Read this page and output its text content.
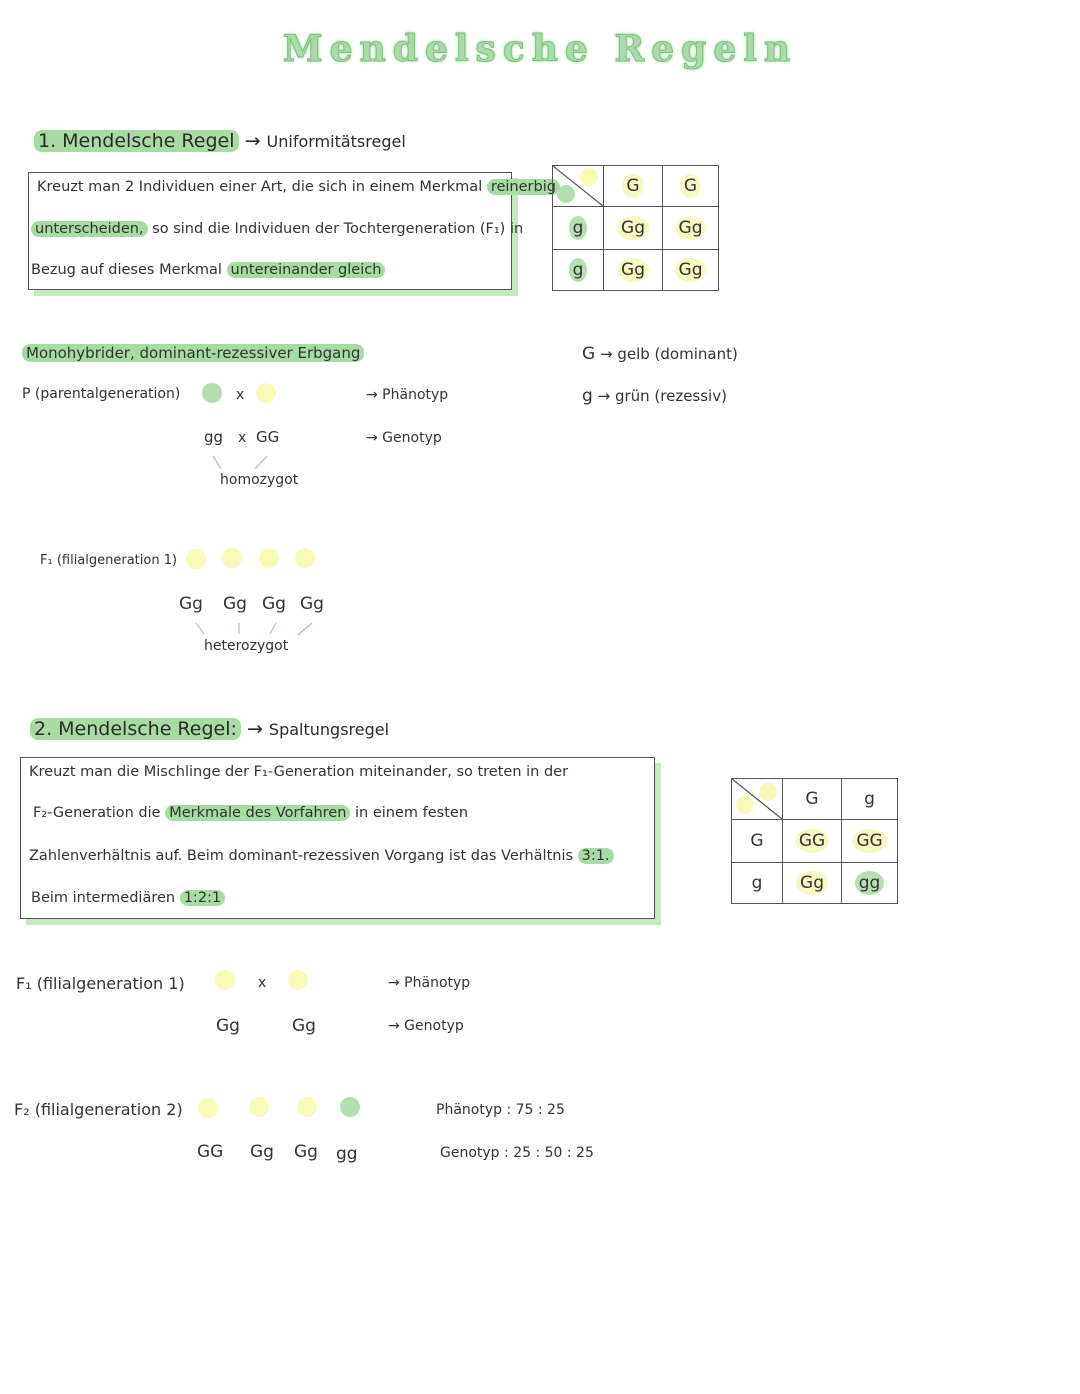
Mendelsche Regeln
1. Mendelsche Regel → Uniformitätsregel
Kreuzt man 2 Individuen einer Art, die sich in einem Merkmal reinerbig
unterscheiden, so sind die Individuen der Tochtergeneration (F₁) in
Bezug auf dieses Merkmal untereinander gleich
	G	G
g	Gg	Gg
g	Gg	Gg
Monohybrider, dominant-rezessiver Erbgang	G → gelb (dominant)
g → grün (rezessiv)
P (parentalgeneration)	x	→ Phänotyp
gg x GG	→ Genotyp
homozygot
F₁ (filialgeneration 1)
Gg Gg Gg Gg
heterozygot
2. Mendelsche Regel: → Spaltungsregel
Kreuzt man die Mischlinge der F₁-Generation miteinander, so treten in der
F₂-Generation die Merkmale des Vorfahren in einem festen
Zahlenverhältnis auf. Beim dominant-rezessiven Vorgang ist das Verhältnis 3:1.
Beim intermediären 1:2:1
	G	g
G	GG	GG
g	Gg	gg
F₁ (filialgeneration 1)	x	→ Phänotyp
Gg	Gg	→ Genotyp
F₂ (filialgeneration 2)	Phänotyp : 75 : 25
GG Gg Gg gg	Genotyp : 25 : 50 : 25
